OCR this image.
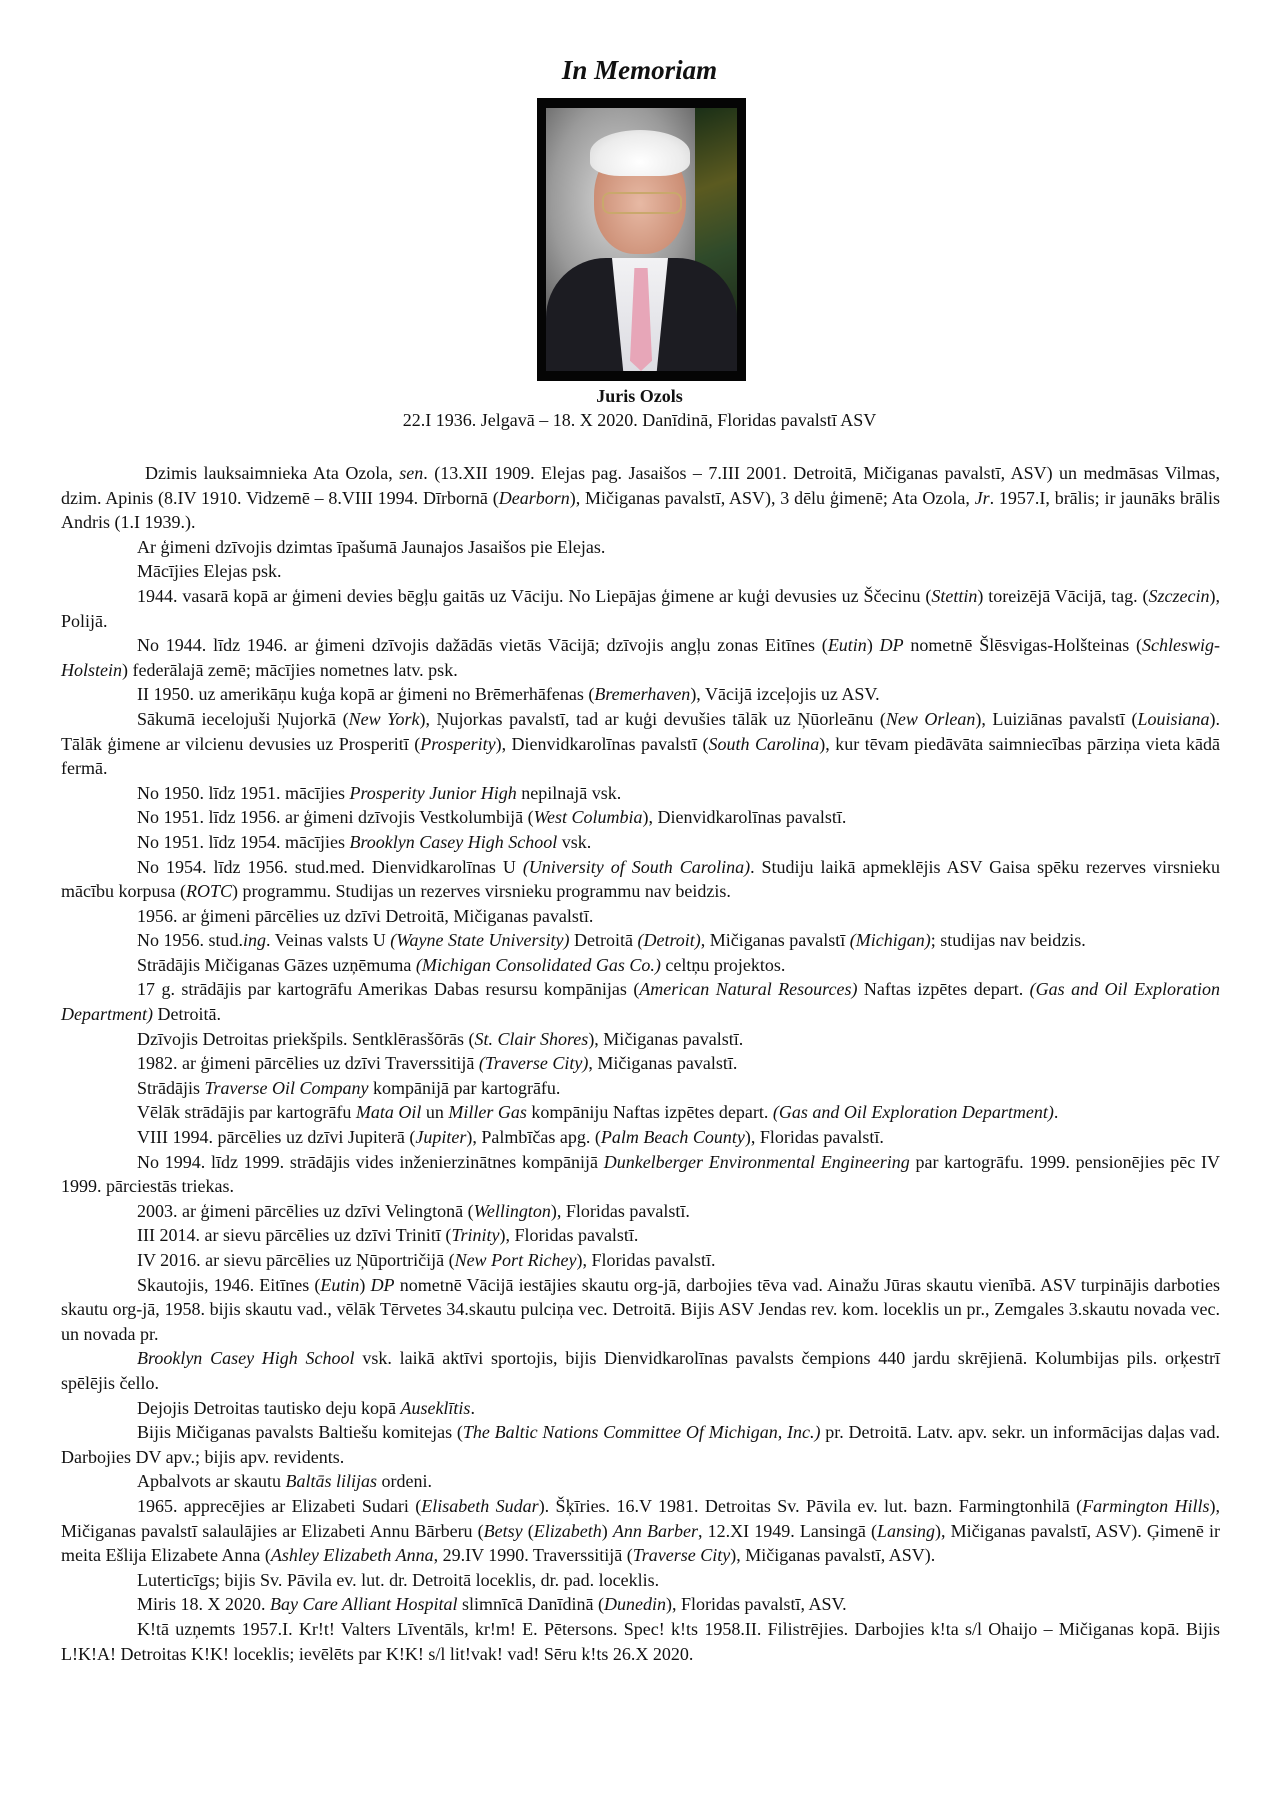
In Memoriam
Juris Ozols
22.I 1936. Jelgavā – 18. X 2020. Danīdinā, Floridas pavalstī ASV

Dzimis lauksaimnieka Ata Ozola, sen. (13.XII 1909. Elejas pag. Jasaišos – 7.III 2001. Detroitā, Mičiganas pavalstī, ASV) un medmāsas Vilmas, dzim. Apinis (8.IV 1910. Vidzemē – 8.VIII 1994. Dīrbornā (Dearborn), Mičiganas pavalstī, ASV), 3 dēlu ģimenē; Ata Ozola, Jr. 1957.I, brālis; ir jaunāks brālis Andris (1.I 1939.).

Ar ģimeni dzīvojis dzimtas īpašumā Jaunajos Jasaišos pie Elejas.

Mācījies Elejas psk.

1944. vasarā kopā ar ģimeni devies bēgļu gaitās uz Vāciju. No Liepājas ģimene ar kuģi devusies uz Ščecinu (Stettin) toreizējā Vācijā, tag. (Szczecin), Polijā.

No 1944. līdz 1946. ar ģimeni dzīvojis dažādās vietās Vācijā; dzīvojis angļu zonas Eitīnes (Eutin) DP nometnē Šlēsvigas-Holšteinas (Schleswig-Holstein) federālajā zemē; mācījies nometnes latv. psk.

II 1950. uz amerikāņu kuģa kopā ar ģimeni no Brēmerhāfenas (Bremerhaven), Vācijā izceļojis uz ASV.

Sākumā iecelojuši Ņujorkā (New York), Ņujorkas pavalstī, tad ar kuģi devušies tālāk uz Ņūorleānu (New Orlean), Luiziānas pavalstī (Louisiana). Tālāk ģimene ar vilcienu devusies uz Prosperitī (Prosperity), Dienvidkarolīnas pavalstī (South Carolina), kur tēvam piedāvāta saimniecības pārziņa vieta kādā fermā.

No 1950. līdz 1951. mācījies Prosperity Junior High nepilnajā vsk.

No 1951. līdz 1956. ar ģimeni dzīvojis Vestkolumbijā (West Columbia), Dienvidkarolīnas pavalstī.

No 1951. līdz 1954. mācījies Brooklyn Casey High School vsk.

No 1954. līdz 1956. stud.med. Dienvidkarolīnas U (University of South Carolina). Studiju laikā apmeklējis ASV Gaisa spēku rezerves virsnieku mācību korpusa (ROTC) programmu. Studijas un rezerves virsnieku programmu nav beidzis.

1956. ar ģimeni pārcēlies uz dzīvi Detroitā, Mičiganas pavalstī.

No 1956. stud.ing. Veinas valsts U (Wayne State University) Detroitā (Detroit), Mičiganas pavalstī (Michigan); studijas nav beidzis.

Strādājis Mičiganas Gāzes uzņēmuma (Michigan Consolidated Gas Co.) celtņu projektos.

17 g. strādājis par kartogrāfu Amerikas Dabas resursu kompānijas (American Natural Resources) Naftas izpētes depart. (Gas and Oil Exploration Department) Detroitā.

Dzīvojis Detroitas priekšpils. Sentklērasšōrās (St. Clair Shores), Mičiganas pavalstī.

1982. ar ģimeni pārcēlies uz dzīvi Traverssitijā (Traverse City), Mičiganas pavalstī.

Strādājis Traverse Oil Company kompānijā par kartogrāfu.

Vēlāk strādājis par kartogrāfu Mata Oil un Miller Gas kompāniju Naftas izpētes depart. (Gas and Oil Exploration Department).

VIII 1994. pārcēlies uz dzīvi Jupiterā (Jupiter), Palmbīčas apg. (Palm Beach County), Floridas pavalstī.

No 1994. līdz 1999. strādājis vides inženierzinātnes kompānijā Dunkelberger Environmental Engineering par kartogrāfu. 1999. pensionējies pēc IV 1999. pārciestās triekas.

2003. ar ģimeni pārcēlies uz dzīvi Velingtonā (Wellington), Floridas pavalstī.

III 2014. ar sievu pārcēlies uz dzīvi Trinitī (Trinity), Floridas pavalstī.

IV 2016. ar sievu pārcēlies uz Ņūportričijā (New Port Richey), Floridas pavalstī.

Skautojis, 1946. Eitīnes (Eutin) DP nometnē Vācijā iestājies skautu org-jā, darbojies tēva vad. Ainažu Jūras skautu vienībā. ASV turpinājis darboties skautu org-jā, 1958. bijis skautu vad., vēlāk Tērvetes 34.skautu pulciņa vec. Detroitā. Bijis ASV Jendas rev. kom. loceklis un pr., Zemgales 3.skautu novada vec. un novada pr.

Brooklyn Casey High School vsk. laikā aktīvi sportojis, bijis Dienvidkarolīnas pavalsts čempions 440 jardu skrējienā. Kolumbijas pils. orķestrī spēlējis čello.

Dejojis Detroitas tautisko deju kopā Auseklītis.

Bijis Mičiganas pavalsts Baltiešu komitejas (The Baltic Nations Committee Of Michigan, Inc.) pr. Detroitā. Latv. apv. sekr. un informācijas daļas vad. Darbojies DV apv.; bijis apv. revidents.

Apbalvots ar skautu Baltās lilijas ordeni.

1965. apprecējies ar Elizabeti Sudari (Elisabeth Sudar). Šķīries. 16.V 1981. Detroitas Sv. Pāvila ev. lut. bazn. Farmingtonhilā (Farmington Hills), Mičiganas pavalstī salaulājies ar Elizabeti Annu Bārberu (Betsy (Elizabeth) Ann Barber, 12.XI 1949. Lansingā (Lansing), Mičiganas pavalstī, ASV). Ģimenē ir meita Ešlija Elizabete Anna (Ashley Elizabeth Anna, 29.IV 1990. Traverssitijā (Traverse City), Mičiganas pavalstī, ASV).

Luterticīgs; bijis Sv. Pāvila ev. lut. dr. Detroitā loceklis, dr. pad. loceklis.

Miris 18. X 2020. Bay Care Alliant Hospital slimnīcā Danīdinā (Dunedin), Floridas pavalstī, ASV.

K!tā uzņemts 1957.I. Kr!t! Valters Līventāls, kr!m! E. Pētersons. Spec! k!ts 1958.II. Filistrējies. Darbojies k!ta s/l Ohaijo – Mičiganas kopā. Bijis L!K!A! Detroitas K!K! loceklis; ievēlēts par K!K! s/l lit!vak! vad! Sēru k!ts 26.X 2020.
